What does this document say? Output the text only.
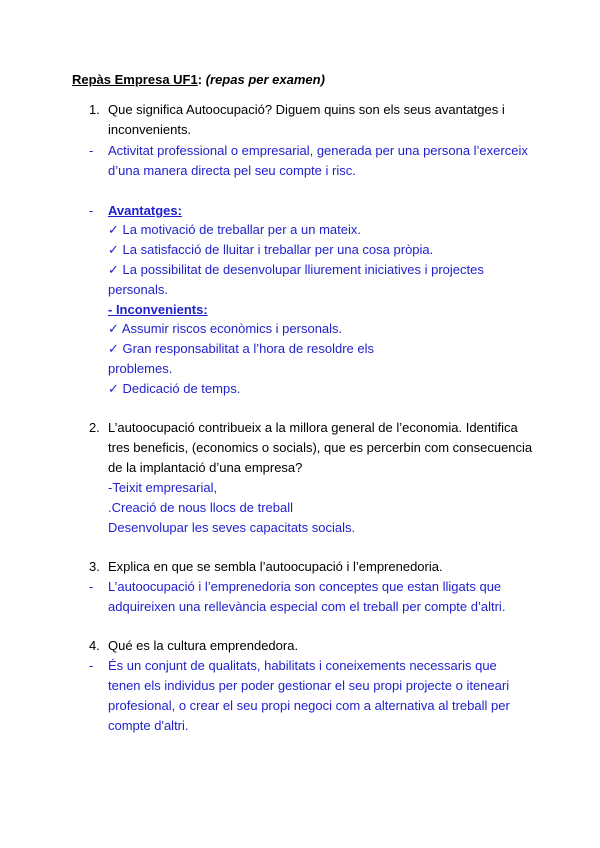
Repàs Empresa UF1: (repas per examen)
1. Que significa Autoocupació? Diguem quins son els seus avantatges i
inconvenients.
- Activitat professional o empresarial, generada per una persona l’exerceix
d’una manera directa pel seu compte i risc.
- Avantatges:
✓ La motivació de treballar per a un mateix.
✓ La satisfacció de lluitar i treballar per una cosa pròpia.
✓ La possibilitat de desenvolupar lliurement iniciatives i projectes
personals.
- Inconvenients:
✓ Assumir riscos econòmics i personals.
✓ Gran responsabilitat a l’hora de resoldre els
problemes.
✓ Dedicació de temps.
2. L’autoocupació contribueix a la millora general de l’economia. Identifica
tres beneficis, (economics o socials), que es percerbin com consecuencia
de la implantació d’una empresa?
-Teixit empresarial,
.Creació de nous llocs de treball
Desenvolupar les seves capacitats socials.
3. Explica en que se sembla l’autoocupació i l’emprenedoria.
- L’autoocupació i l’emprenedoria son conceptes que estan lligats que
adquireixen una rellevància especial com el treball per compte d’altri.
4. Qué es la cultura emprendedora.
- És un conjunt de qualitats, habilitats i coneixements necessaris que
tenen els individus per poder gestionar el seu propi projecte o iteneari
profesional, o crear el seu propi negoci com a alternativa al treball per
compte d'altri.
